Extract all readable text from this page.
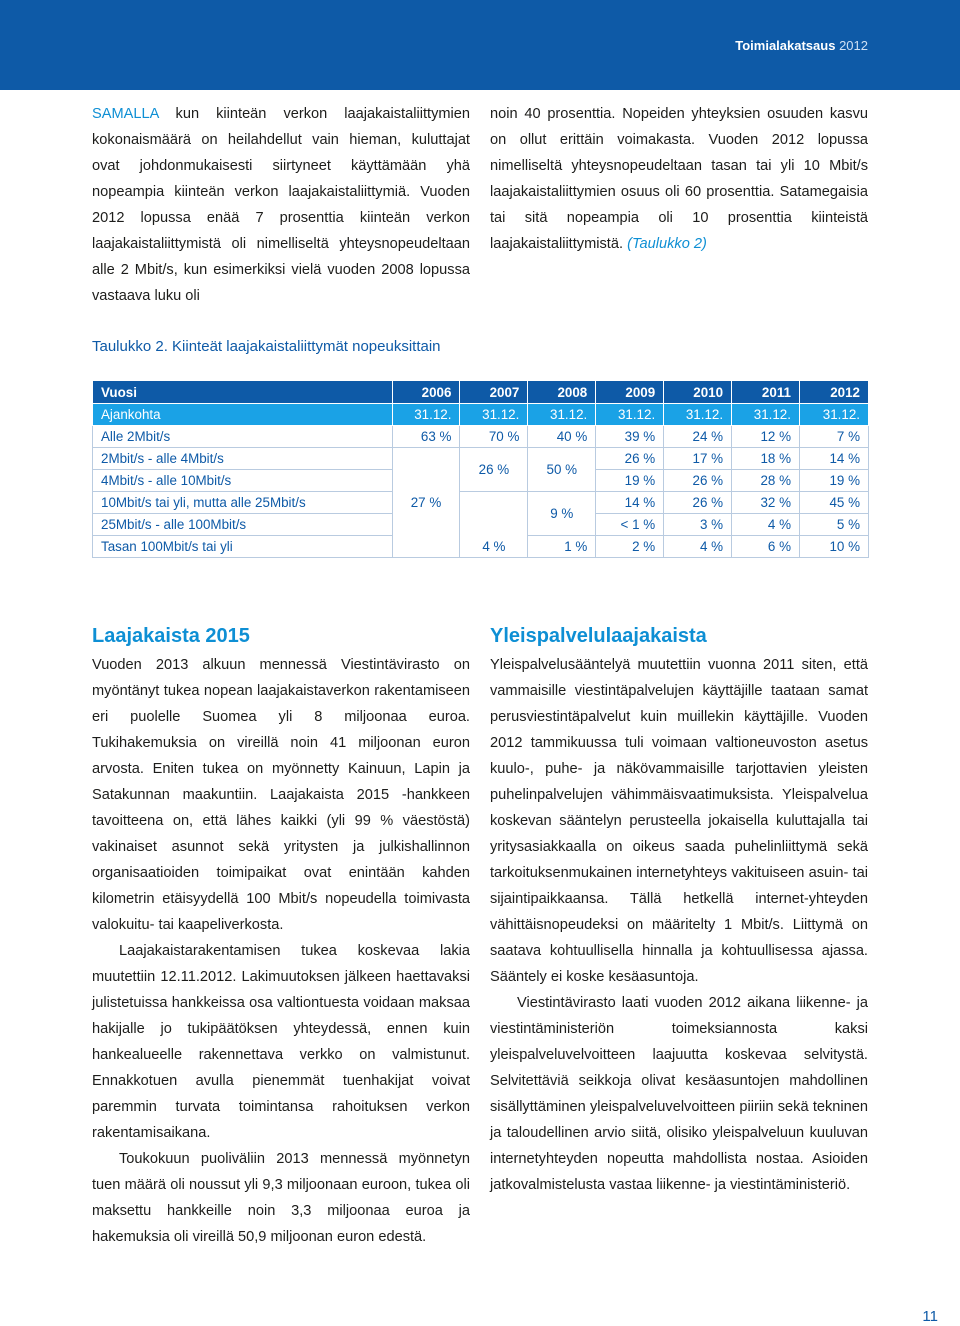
Toimialakatsaus 2012

SAMALLA kun kiinteän verkon laajakaistaliittymien kokonaismäärä on heilahdellut vain hieman, kuluttajat ovat johdonmukaisesti siirtyneet käyttämään yhä nopeampia kiinteän verkon laajakaistaliittymiä. Vuoden 2012 lopussa enää 7 prosenttia kiinteän verkon laajakaistaliittymistä oli nimelliseltä yhteysnopeudeltaan alle 2 Mbit/s, kun esimerkiksi vielä vuoden 2008 lopussa vastaava luku oli

noin 40 prosenttia. Nopeiden yhteyksien osuuden kasvu on ollut erittäin voimakasta. Vuoden 2012 lopussa nimelliseltä yhteysnopeudeltaan tasan tai yli 10 Mbit/s laajakaistaliittymien osuus oli 60 prosenttia. Satamegaisia tai sitä nopeampia oli 10 prosenttia kiinteistä laajakaistaliittymistä. (Taulukko 2)

Taulukko 2. Kiinteät laajakaistaliittymät nopeuksittain
Vuosi	2006	2007	2008	2009	2010	2011	2012
Ajankohta	31.12.	31.12.	31.12.	31.12.	31.12.	31.12.	31.12.
Alle 2Mbit/s	63 %	70 %	40 %	39 %	24 %	12 %	7 %
2Mbit/s - alle 4Mbit/s	27 %	26 %	50 %	26 %	17 %	18 %	14 %
4Mbit/s - alle 10Mbit/s				19 %	26 %	28 %	19 %
10Mbit/s tai yli, mutta alle 25Mbit/s		4 %	9 %	14 %	26 %	32 %	45 %
25Mbit/s - alle 100Mbit/s				< 1 %	3 %	4 %	5 %
Tasan 100Mbit/s tai yli			1 %	2 %	4 %	6 %	10 %
Laajakaista 2015	Yleispalvelulaajakaista

Vuoden 2013 alkuun mennessä Viestintävirasto on myöntänyt tukea nopean laajakaistaverkon rakentamiseen eri puolelle Suomea yli 8 miljoonaa euroa. Tukihakemuksia on vireillä noin 41 miljoonan euron arvosta. Eniten tukea on myönnetty Kainuun, Lapin ja Satakunnan maakuntiin. Laajakaista 2015 -hankkeen tavoitteena on, että lähes kaikki (yli 99 % väestöstä) vakinaiset asunnot sekä yritysten ja julkishallinnon organisaatioiden toimipaikat ovat enintään kahden kilometrin etäisyydellä 100 Mbit/s nopeudella toimivasta valokuitu- tai kaapeliverkosta.

Laajakaistarakentamisen tukea koskevaa lakia muutettiin 12.11.2012. Lakimuutoksen jälkeen haettavaksi julistetuissa hankkeissa osa valtiontuesta voidaan maksaa hakijalle jo tukipäätöksen yhteydessä, ennen kuin hankealueelle rakennettava verkko on valmistunut. Ennakkotuen avulla pienemmät tuenhakijat voivat paremmin turvata toimintansa rahoituksen verkon rakentamisaikana.

Toukokuun puoliväliin 2013 mennessä myönnetyn tuen määrä oli noussut yli 9,3 miljoonaan euroon, tukea oli maksettu hankkeille noin 3,3 miljoonaa euroa ja hakemuksia oli vireillä 50,9 miljoonan euron edestä.

Yleispalvelusääntelyä muutettiin vuonna 2011 siten, että vammaisille viestintäpalvelujen käyttäjille taataan samat perusviestintäpalvelut kuin muillekin käyttäjille. Vuoden 2012 tammikuussa tuli voimaan valtioneuvoston asetus kuulo-, puhe- ja näkövammaisille tarjottavien yleisten puhelinpalvelujen vähimmäisvaatimuksista. Yleispalvelua koskevan sääntelyn perusteella jokaisella kuluttajalla tai yritysasiakkaalla on oikeus saada puhelinliittymä sekä tarkoituksenmukainen internetyhteys vakituiseen asuin- tai sijaintipaikkaansa. Tällä hetkellä internet-yhteyden vähittäisnopeudeksi on määritelty 1 Mbit/s. Liittymä on saatava kohtuullisella hinnalla ja kohtuullisessa ajassa. Sääntely ei koske kesäasuntoja.

Viestintävirasto laati vuoden 2012 aikana liikenne- ja viestintäministeriön toimeksiannosta kaksi yleispalveluvelvoitteen laajuutta koskevaa selvitystä. Selvitettäviä seikkoja olivat kesäasuntojen mahdollinen sisällyttäminen yleispalveluvelvoitteen piiriin sekä tekninen ja taloudellinen arvio siitä, olisiko yleispalveluun kuuluvan internetyhteyden nopeutta mahdollista nostaa. Asioiden jatkovalmistelusta vastaa liikenne- ja viestintäministeriö.

11
